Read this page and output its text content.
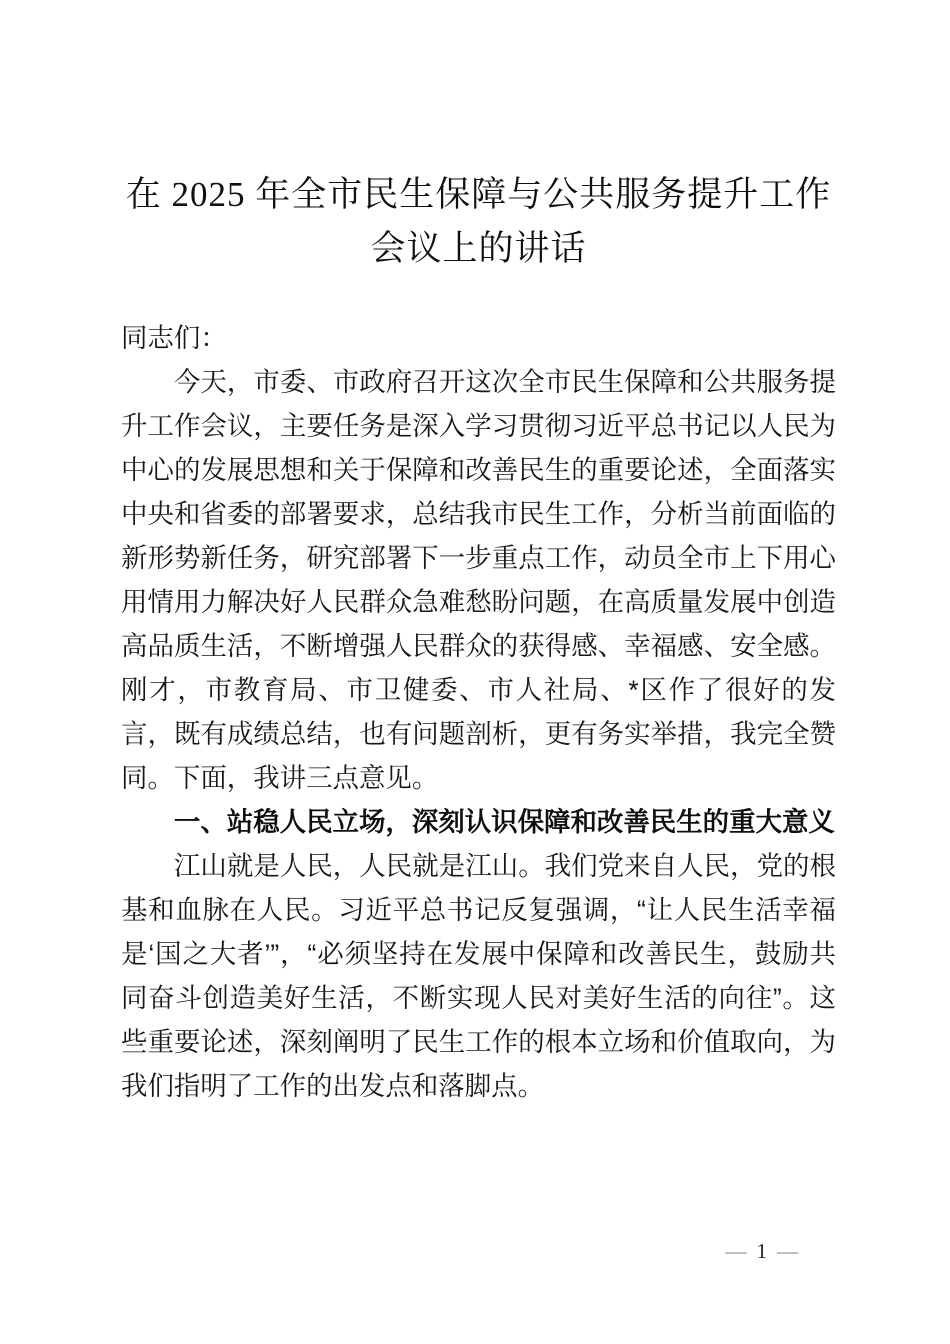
在 2025 年全市民生保障与公共服务提升工作
会议上的讲话

同志们：

今天，市委、市政府召开这次全市民生保障和公共服务提升工作会议，主要任务是深入学习贯彻习近平总书记以人民为中心的发展思想和关于保障和改善民生的重要论述，全面落实中央和省委的部署要求，总结我市民生工作，分析当前面临的新形势新任务，研究部署下一步重点工作，动员全市上下用心用情用力解决好人民群众急难愁盼问题，在高质量发展中创造高品质生活，不断增强人民群众的获得感、幸福感、安全感。刚才，市教育局、市卫健委、市人社局、*区作了很好的发言，既有成绩总结，也有问题剖析，更有务实举措，我完全赞同。下面，我讲三点意见。

一、站稳人民立场，深刻认识保障和改善民生的重大意义

江山就是人民，人民就是江山。我们党来自人民，党的根基和血脉在人民。习近平总书记反复强调，“让人民生活幸福是‘国之大者’”，“必须坚持在发展中保障和改善民生，鼓励共同奋斗创造美好生活，不断实现人民对美好生活的向往”。这些重要论述，深刻阐明了民生工作的根本立场和价值取向，为我们指明了工作的出发点和落脚点。

— 1 —
